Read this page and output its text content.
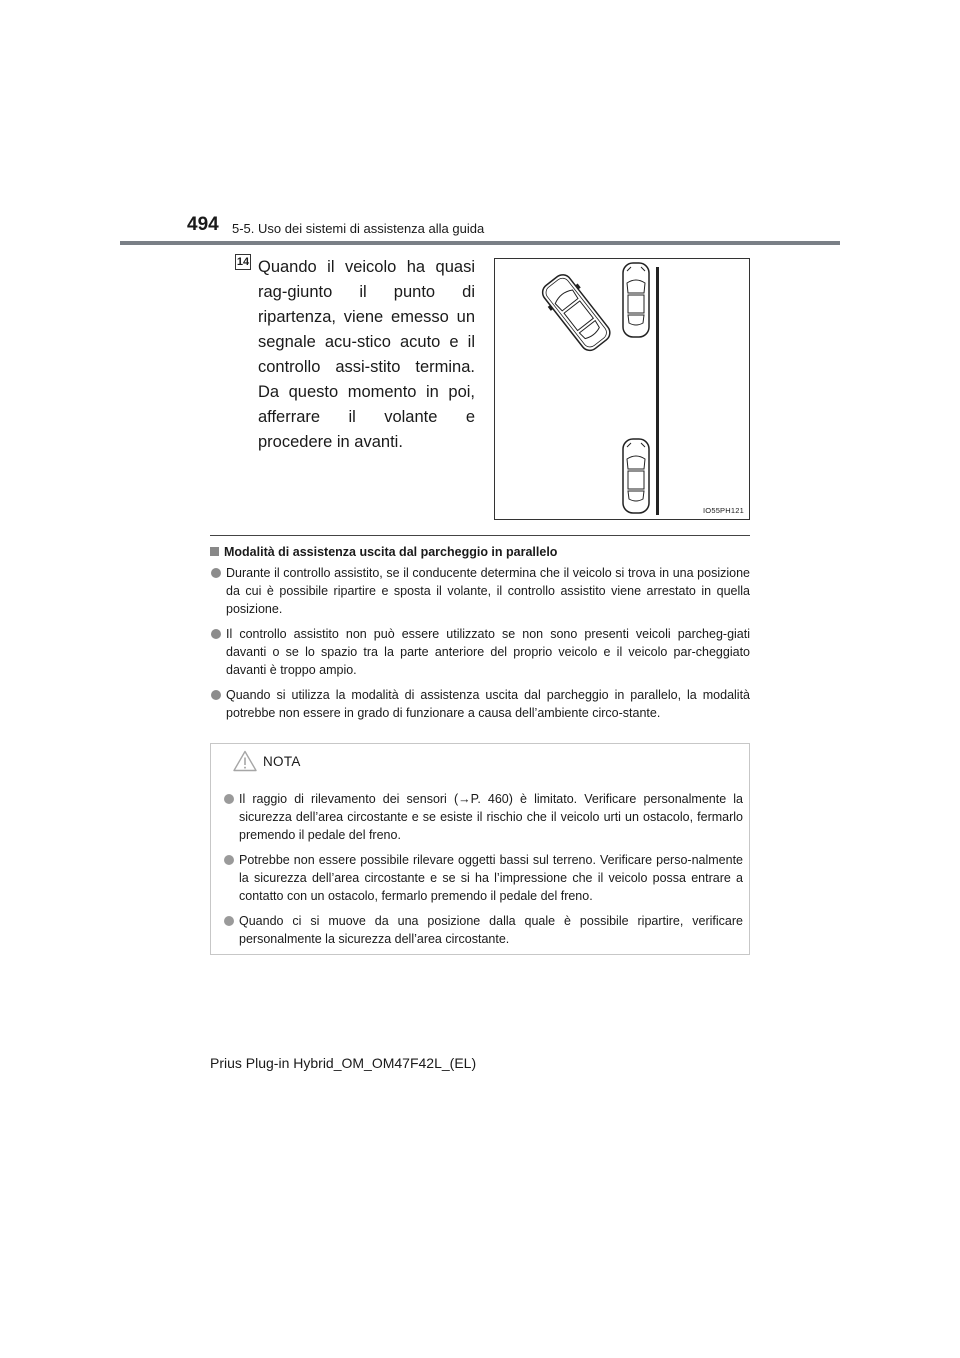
494 5-5. Uso dei sistemi di assistenza alla guida
14 Quando il veicolo ha quasi rag-giunto il punto di ripartenza, viene emesso un segnale acu-stico acuto e il controllo assi-stito termina. Da questo momento in poi, afferrare il volante e procedere in avanti.
IO55PH121
Modalità di assistenza uscita dal parcheggio in parallelo
Durante il controllo assistito, se il conducente determina che il veicolo si trova in una posizione da cui è possibile ripartire e sposta il volante, il controllo assistito viene arrestato in quella posizione.
Il controllo assistito non può essere utilizzato se non sono presenti veicoli parcheg-giati davanti o se lo spazio tra la parte anteriore del proprio veicolo e il veicolo par-cheggiato davanti è troppo ampio.
Quando si utilizza la modalità di assistenza uscita dal parcheggio in parallelo, la modalità potrebbe non essere in grado di funzionare a causa dell’ambiente circo-stante.
NOTA
Il raggio di rilevamento dei sensori (→P. 460) è limitato. Verificare personalmente la sicurezza dell’area circostante e se esiste il rischio che il veicolo urti un ostacolo, fermarlo premendo il pedale del freno.
Potrebbe non essere possibile rilevare oggetti bassi sul terreno. Verificare perso-nalmente la sicurezza dell’area circostante e se si ha l’impressione che il veicolo possa entrare a contatto con un ostacolo, fermarlo premendo il pedale del freno.
Quando ci si muove da una posizione dalla quale è possibile ripartire, verificare personalmente la sicurezza dell’area circostante.
Prius Plug-in Hybrid_OM_OM47F42L_(EL)
